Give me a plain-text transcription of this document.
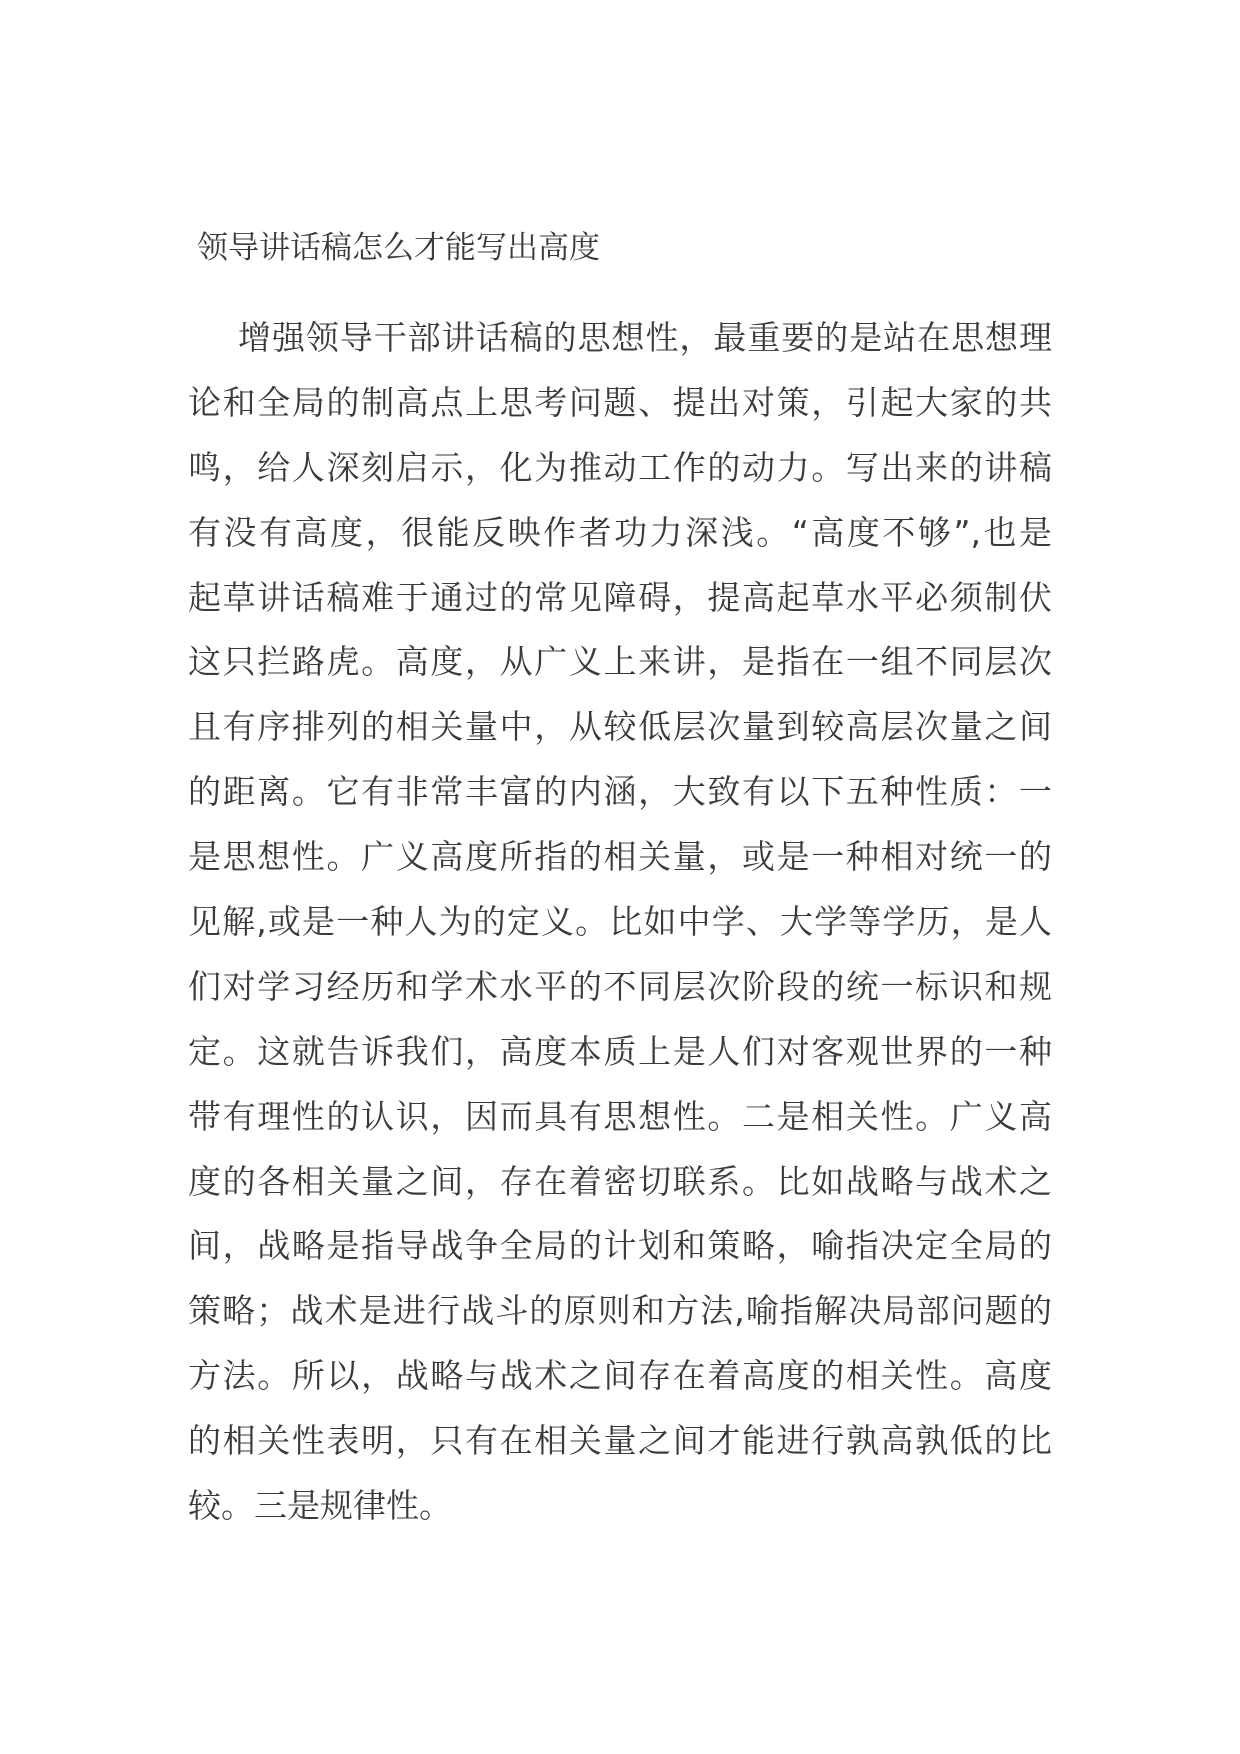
领导讲话稿怎么才能写出高度
增强领导干部讲话稿的思想性，最重要的是站在思想理
论和全局的制高点上思考问题、提出对策，引起大家的共
鸣，给人深刻启示，化为推动工作的动力。写出来的讲稿
有没有高度，很能反映作者功力深浅。“高度不够”,也是
起草讲话稿难于通过的常见障碍，提高起草水平必须制伏
这只拦路虎。高度，从广义上来讲，是指在一组不同层次
且有序排列的相关量中，从较低层次量到较高层次量之间
的距离。它有非常丰富的内涵，大致有以下五种性质：一
是思想性。广义高度所指的相关量，或是一种相对统一的
见解,或是一种人为的定义。比如中学、大学等学历，是人
们对学习经历和学术水平的不同层次阶段的统一标识和规
定。这就告诉我们，高度本质上是人们对客观世界的一种
带有理性的认识，因而具有思想性。二是相关性。广义高
度的各相关量之间，存在着密切联系。比如战略与战术之
间，战略是指导战争全局的计划和策略，喻指决定全局的
策略；战术是进行战斗的原则和方法,喻指解决局部问题的
方法。所以，战略与战术之间存在着高度的相关性。高度
的相关性表明，只有在相关量之间才能进行孰高孰低的比
较。三是规律性。
